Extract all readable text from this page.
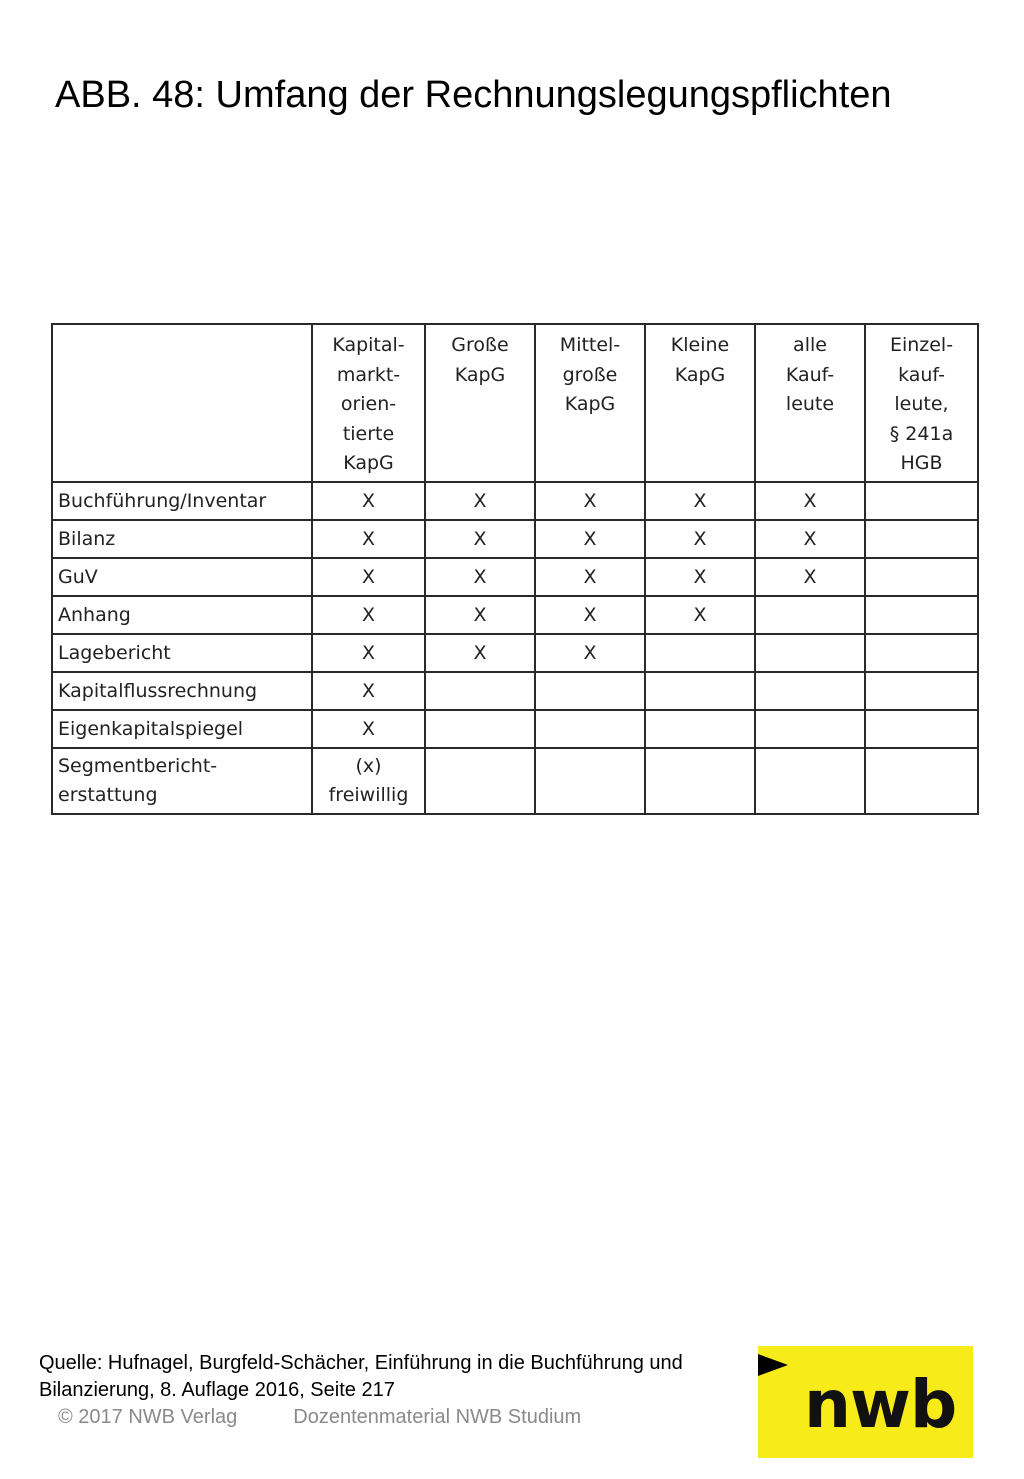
ABB. 48: Umfang der Rechnungslegungspflichten

	Kapital-
markt-
orien-
tierte
KapG	Große
KapG	Mittel-
große
KapG	Kleine
KapG	alle
Kauf-
leute	Einzel-
kauf-
leute,
§ 241a
HGB

Buchführung/Inventar	X	X	X	X	X	
Bilanz	X	X	X	X	X	
GuV	X	X	X	X	X	
Anhang	X	X	X	X		
Lagebericht	X	X	X			
Kapitalflussrechnung	X					
Eigenkapitalspiegel	X					
Segmentbericht-
erstattung	(x)
freiwillig					
Quelle: Hufnagel, Burgfeld-Schächer, Einführung in die Buchführung und
Bilanzierung, 8. Auflage 2016, Seite 217
© 2017 NWB Verlag	Dozentenmaterial NWB Studium	nwb
